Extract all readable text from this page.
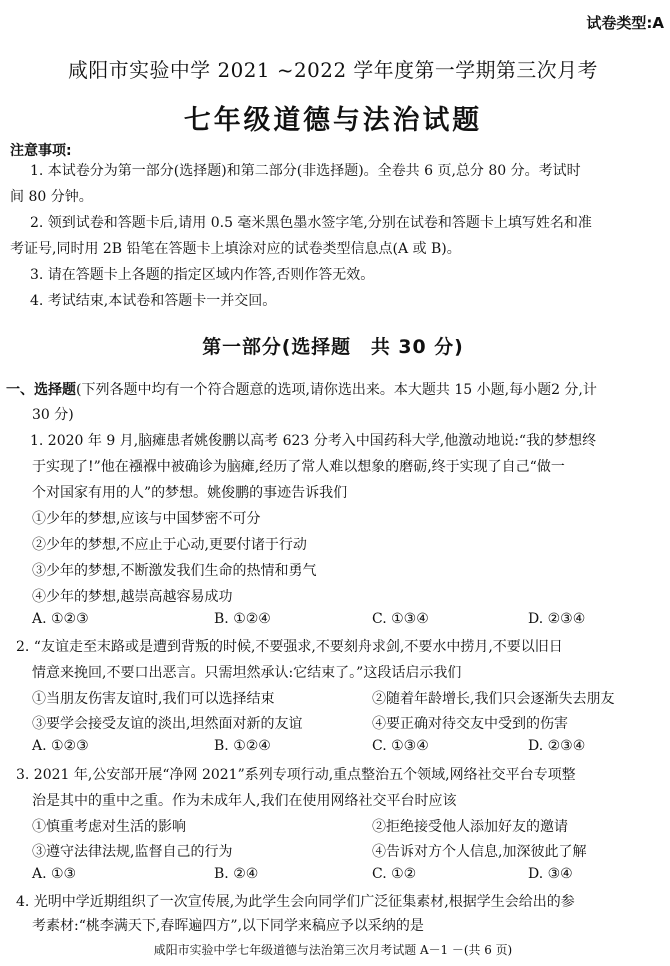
试卷类型:A
咸阳市实验中学 2021 ~2022 学年度第一学期第三次月考
七年级道德与法治试题
注意事项:
1. 本试卷分为第一部分(选择题)和第二部分(非选择题)。全卷共 6 页,总分 80 分。考试时
间 80 分钟。
2. 领到试卷和答题卡后,请用 0.5 毫米黑色墨水签字笔,分别在试卷和答题卡上填写姓名和准
考证号,同时用 2B 铅笔在答题卡上填涂对应的试卷类型信息点(A 或 B)。
3. 请在答题卡上各题的指定区域内作答,否则作答无效。
4. 考试结束,本试卷和答题卡一并交回。
第一部分(选择题　共 30 分)
一、选择题(下列各题中均有一个符合题意的选项,请你选出来。本大题共 15 小题,每小题2 分,计
30 分)
1. 2020 年 9 月,脑瘫患者姚俊鹏以高考 623 分考入中国药科大学,他激动地说:“我的梦想终
于实现了!”他在襁褓中被确诊为脑瘫,经历了常人难以想象的磨砺,终于实现了自己“做一
个对国家有用的人”的梦想。姚俊鹏的事迹告诉我们
①少年的梦想,应该与中国梦密不可分
②少年的梦想,不应止于心动,更要付诸于行动
③少年的梦想,不断激发我们生命的热情和勇气
④少年的梦想,越崇高越容易成功
A. ①②③	B. ①②④	C. ①③④	D. ②③④
2. “友谊走至末路或是遭到背叛的时候,不要强求,不要刻舟求剑,不要水中捞月,不要以旧日
情意来挽回,不要口出恶言。只需坦然承认:它结束了。”这段话启示我们
①当朋友伤害友谊时,我们可以选择结束	②随着年龄增长,我们只会逐渐失去朋友
③要学会接受友谊的淡出,坦然面对新的友谊	④要正确对待交友中受到的伤害
A. ①②③	B. ①②④	C. ①③④	D. ②③④
3. 2021 年,公安部开展“净网 2021”系列专项行动,重点整治五个领域,网络社交平台专项整
治是其中的重中之重。作为未成年人,我们在使用网络社交平台时应该
①慎重考虑对生活的影响	②拒绝接受他人添加好友的邀请
③遵守法律法规,监督自己的行为	④告诉对方个人信息,加深彼此了解
A. ①③	B. ②④	C. ①②	D. ③④
4. 光明中学近期组织了一次宣传展,为此学生会向同学们广泛征集素材,根据学生会给出的参
考素材:“桃李满天下,春晖遍四方”,以下同学来稿应予以采纳的是
咸阳市实验中学七年级道德与法治第三次月考试题 A－1 －(共 6 页)
